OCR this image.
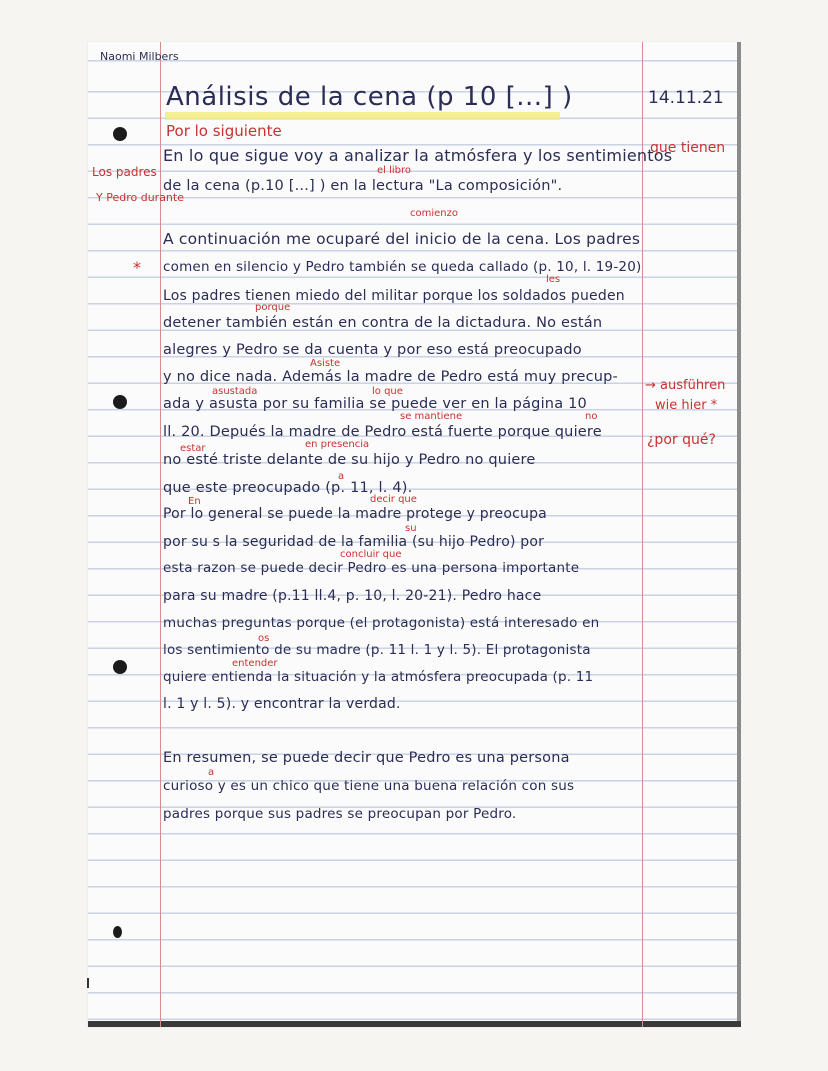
Naomi Milbers
Análisis de la cena (p 10 [...] )	14.11.21
Por lo siguiente
En lo que sigue voy a analizar la atmósfera y los sentimientos
que tienen
el libro
de la cena (p.10 [...] ) en la lectura "La composición".
Los padres
Y Pedro durante
comienzo
*
A continuación me ocuparé del inicio de la cena. Los padres
comen en silencio y Pedro también se queda callado (p. 10, l. 19-20)
les
Los padres tienen miedo del militar porque los soldados pueden
porque
detener también están en contra de la dictadura. No están
alegres y Pedro se da cuenta y por eso está preocupado
Asiste
y no dice nada. Además la madre de Pedro está muy precup-
asustada	lo que
ada y asusta por su familia se puede ver en la página 10
se mantiene	no
ll. 20. Depués la madre de Pedro está fuerte porque quiere
estar	en presencia
no esté triste delante de su hijo y Pedro no quiere
a
que este preocupado (p. 11, l. 4).
→ ausführen
wie hier *
¿por qué?
En	decir que
Por lo general se puede la madre protege y preocupa
su
por su s la seguridad de la familia (su hijo Pedro) por
concluir que
esta razon se puede decir Pedro es una persona importante
para su madre (p.11 ll.4, p. 10, l. 20-21). Pedro hace
muchas preguntas porque (el protagonista) está interesado en
os
los sentimiento de su madre (p. 11 l. 1 y l. 5). El protagonista
entender
quiere entienda la situación y la atmósfera preocupada (p. 11
l. 1 y l. 5). y encontrar la verdad.
En resumen, se puede decir que Pedro es una persona
a
curioso y es un chico que tiene una buena relación con sus
padres porque sus padres se preocupan por Pedro.
